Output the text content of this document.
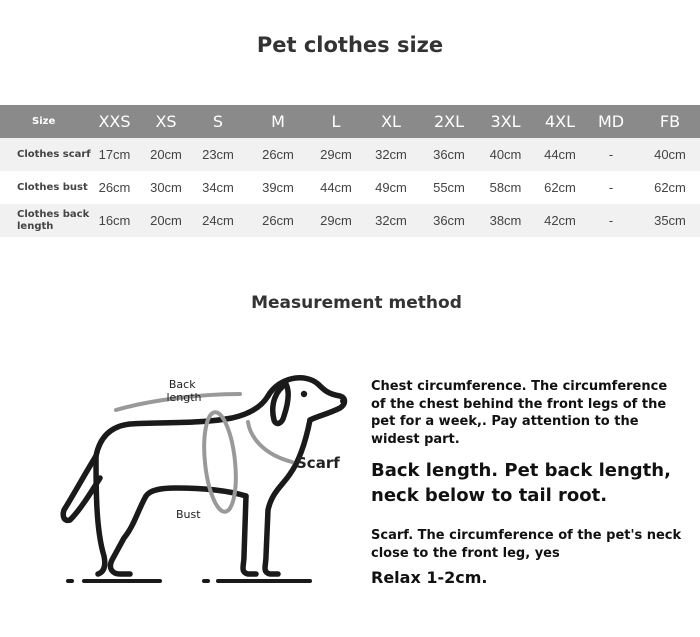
Pet clothes size
Size	XXS	XS	S	M	L	XL	2XL	3XL	4XL	MD	FB
Clothes scarf	17cm	20cm	23cm	26cm	29cm	32cm	36cm	40cm	44cm	-	40cm
Clothes bust	26cm	30cm	34cm	39cm	44cm	49cm	55cm	58cm	62cm	-	62cm
Clothes back length	16cm	20cm	24cm	26cm	29cm	32cm	36cm	38cm	42cm	-	35cm
Measurement method
Back length
Scarf
Bust
Chest circumference. The circumference of the chest behind the front legs of the pet for a week,. Pay attention to the widest part.
Back length. Pet back length, neck below to tail root.
Scarf. The circumference of the pet's neck close to the front leg, yes
Relax 1-2cm.
